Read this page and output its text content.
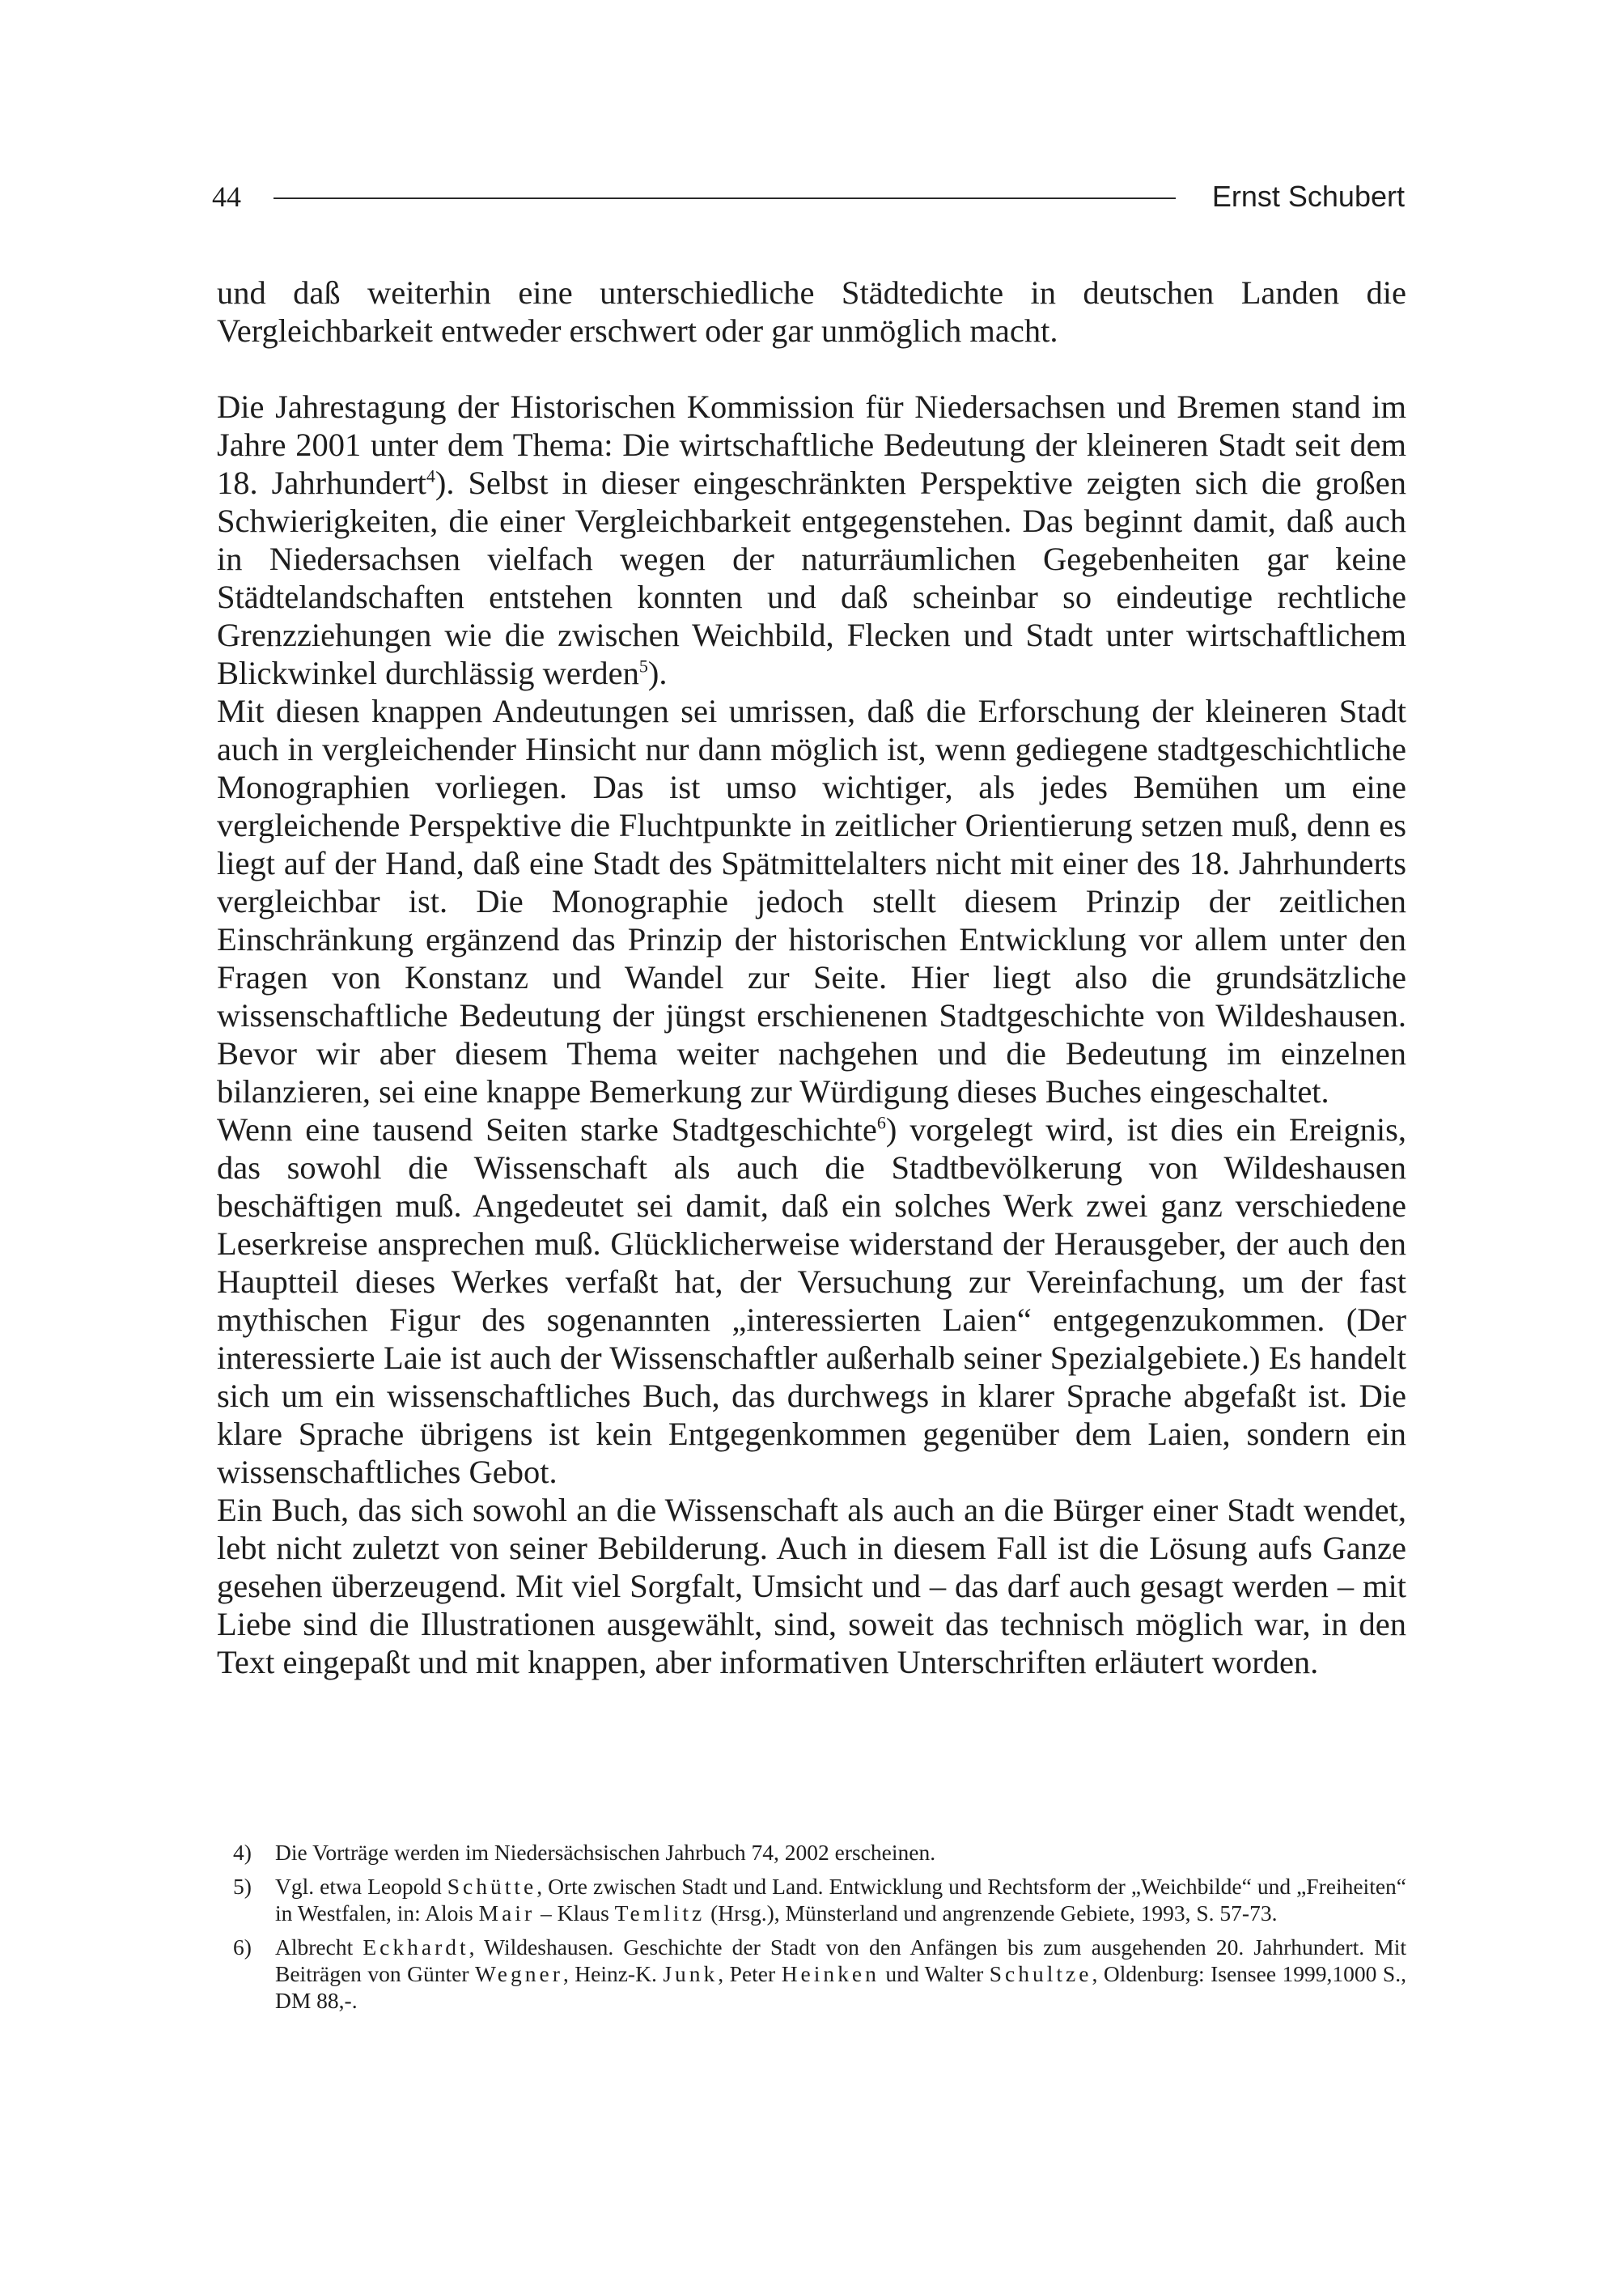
44	Ernst Schubert

und daß weiterhin eine unterschiedliche Städtedichte in deutschen Landen die Vergleichbarkeit entweder erschwert oder gar unmöglich macht.

Die Jahrestagung der Historischen Kommission für Niedersachsen und Bremen stand im Jahre 2001 unter dem Thema: Die wirtschaftliche Bedeutung der kleineren Stadt seit dem 18. Jahrhundert$^4$). Selbst in dieser eingeschränkten Perspektive zeigten sich die großen Schwierigkeiten, die einer Vergleichbarkeit entgegenstehen. Das beginnt damit, daß auch in Niedersachsen vielfach wegen der naturräumlichen Gegebenheiten gar keine Städtelandschaften entstehen konnten und daß scheinbar so eindeutige rechtliche Grenzziehungen wie die zwischen Weichbild, Flecken und Stadt unter wirtschaftlichem Blickwinkel durchlässig werden$^5$).

Mit diesen knappen Andeutungen sei umrissen, daß die Erforschung der kleineren Stadt auch in vergleichender Hinsicht nur dann möglich ist, wenn gediegene stadtgeschichtliche Monographien vorliegen. Das ist umso wichtiger, als jedes Bemühen um eine vergleichende Perspektive die Fluchtpunkte in zeitlicher Orientierung setzen muß, denn es liegt auf der Hand, daß eine Stadt des Spätmittelalters nicht mit einer des 18. Jahrhunderts vergleichbar ist. Die Monographie jedoch stellt diesem Prinzip der zeitlichen Einschränkung ergänzend das Prinzip der historischen Entwicklung vor allem unter den Fragen von Konstanz und Wandel zur Seite. Hier liegt also die grundsätzliche wissenschaftliche Bedeutung der jüngst erschienenen Stadtgeschichte von Wildeshausen. Bevor wir aber diesem Thema weiter nachgehen und die Bedeutung im einzelnen bilanzieren, sei eine knappe Bemerkung zur Würdigung dieses Buches eingeschaltet.

Wenn eine tausend Seiten starke Stadtgeschichte$^6$) vorgelegt wird, ist dies ein Ereignis, das sowohl die Wissenschaft als auch die Stadtbevölkerung von Wildeshausen beschäftigen muß. Angedeutet sei damit, daß ein solches Werk zwei ganz verschiedene Leserkreise ansprechen muß. Glücklicherweise widerstand der Herausgeber, der auch den Hauptteil dieses Werkes verfaßt hat, der Versuchung zur Vereinfachung, um der fast mythischen Figur des sogenannten „interessierten Laien“ entgegenzukommen. (Der interessierte Laie ist auch der Wissenschaftler außerhalb seiner Spezialgebiete.) Es handelt sich um ein wissenschaftliches Buch, das durchwegs in klarer Sprache abgefaßt ist. Die klare Sprache übrigens ist kein Entgegenkommen gegenüber dem Laien, sondern ein wissenschaftliches Gebot.

Ein Buch, das sich sowohl an die Wissenschaft als auch an die Bürger einer Stadt wendet, lebt nicht zuletzt von seiner Bebilderung. Auch in diesem Fall ist die Lösung aufs Ganze gesehen überzeugend. Mit viel Sorgfalt, Umsicht und – das darf auch gesagt werden – mit Liebe sind die Illustrationen ausgewählt, sind, soweit das technisch möglich war, in den Text eingepaßt und mit knappen, aber informativen Unterschriften erläutert worden.

4) Die Vorträge werden im Niedersächsischen Jahrbuch 74, 2002 erscheinen.
5) Vgl. etwa Leopold Schütte, Orte zwischen Stadt und Land. Entwicklung und Rechtsform der „Weichbilde“ und „Freiheiten“ in Westfalen, in: Alois Mair – Klaus Temlitz (Hrsg.), Münsterland und angrenzende Gebiete, 1993, S. 57-73.
6) Albrecht Eckhardt, Wildeshausen. Geschichte der Stadt von den Anfängen bis zum ausgehenden 20. Jahrhundert. Mit Beiträgen von Günter Wegner, Heinz-K. Junk, Peter Heinken und Walter Schultze, Oldenburg: Isensee 1999,1000 S., DM 88,-.
